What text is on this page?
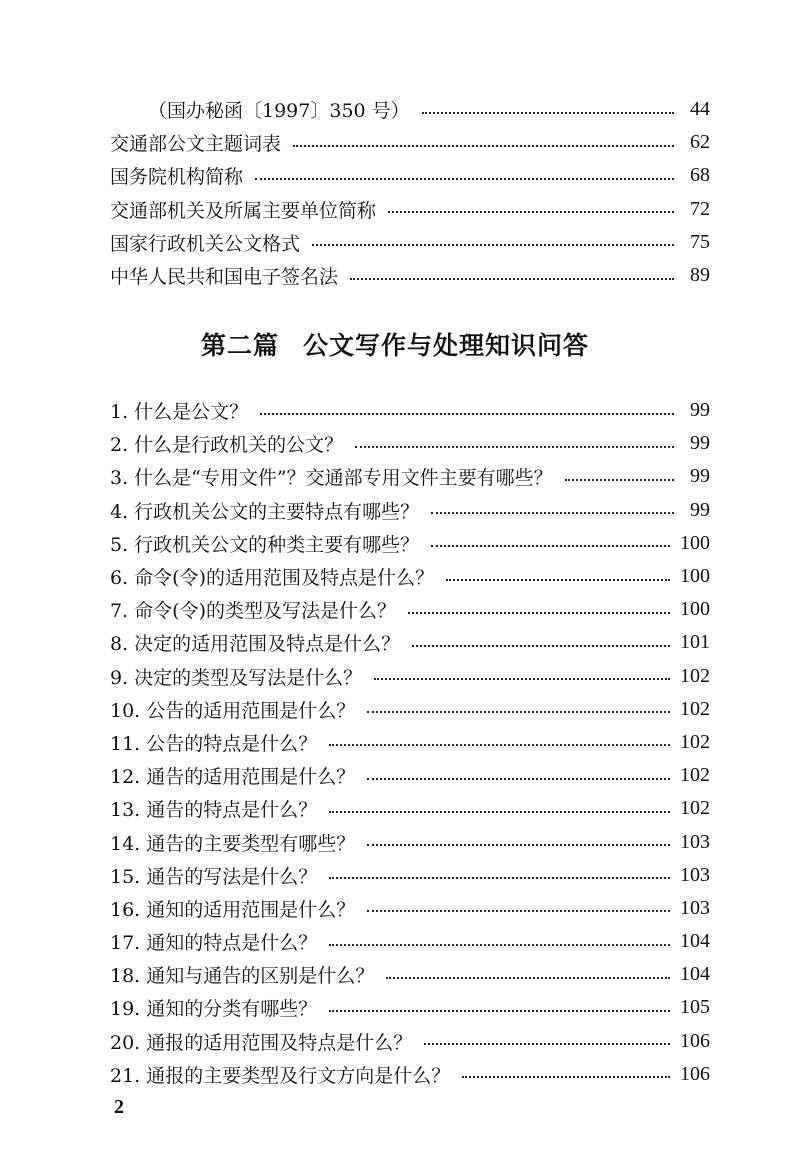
（国办秘函〔1997〕350 号）	44
交通部公文主题词表	62
国务院机构简称	68
交通部机关及所属主要单位简称	72
国家行政机关公文格式	75
中华人民共和国电子签名法	89
第二篇 公文写作与处理知识问答
1. 什么是公文？	99
2. 什么是行政机关的公文？	99
3. 什么是“专用文件”？交通部专用文件主要有哪些？	99
4. 行政机关公文的主要特点有哪些？	99
5. 行政机关公文的种类主要有哪些？	100
6. 命令(令)的适用范围及特点是什么？	100
7. 命令(令)的类型及写法是什么？	100
8. 决定的适用范围及特点是什么？	101
9. 决定的类型及写法是什么？	102
10. 公告的适用范围是什么？	102
11. 公告的特点是什么？	102
12. 通告的适用范围是什么？	102
13. 通告的特点是什么？	102
14. 通告的主要类型有哪些？	103
15. 通告的写法是什么？	103
16. 通知的适用范围是什么？	103
17. 通知的特点是什么？	104
18. 通知与通告的区别是什么？	104
19. 通知的分类有哪些？	105
20. 通报的适用范围及特点是什么？	106
21. 通报的主要类型及行文方向是什么？	106
2
